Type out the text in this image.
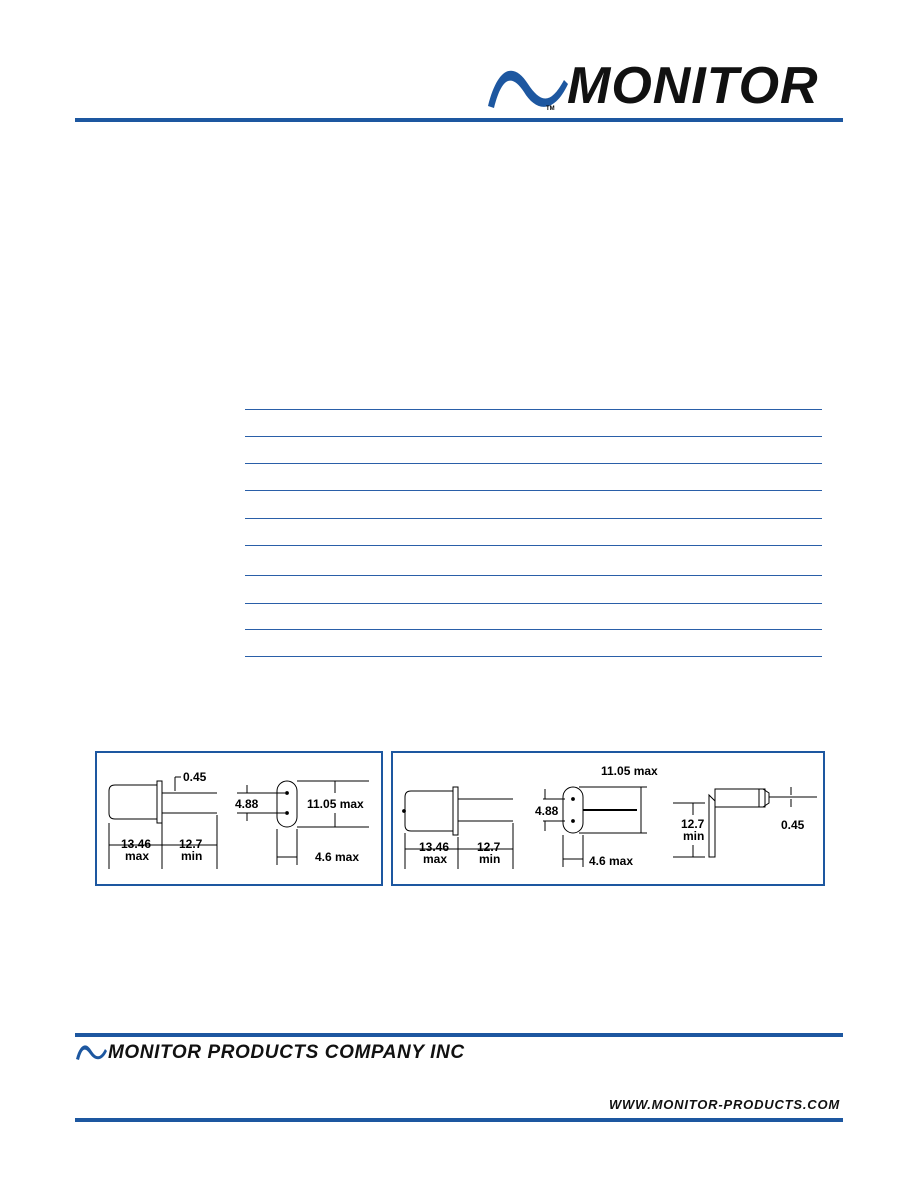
TM MONITOR
0.45
13.46
max
12.7
min
4.88	11.05 max
4.6 max
13.46
max
12.7
min
4.88
11.05 max
4.6 max
12.7
min
0.45
MONITOR PRODUCTS COMPANY INC
WWW.MONITOR-PRODUCTS.COM
